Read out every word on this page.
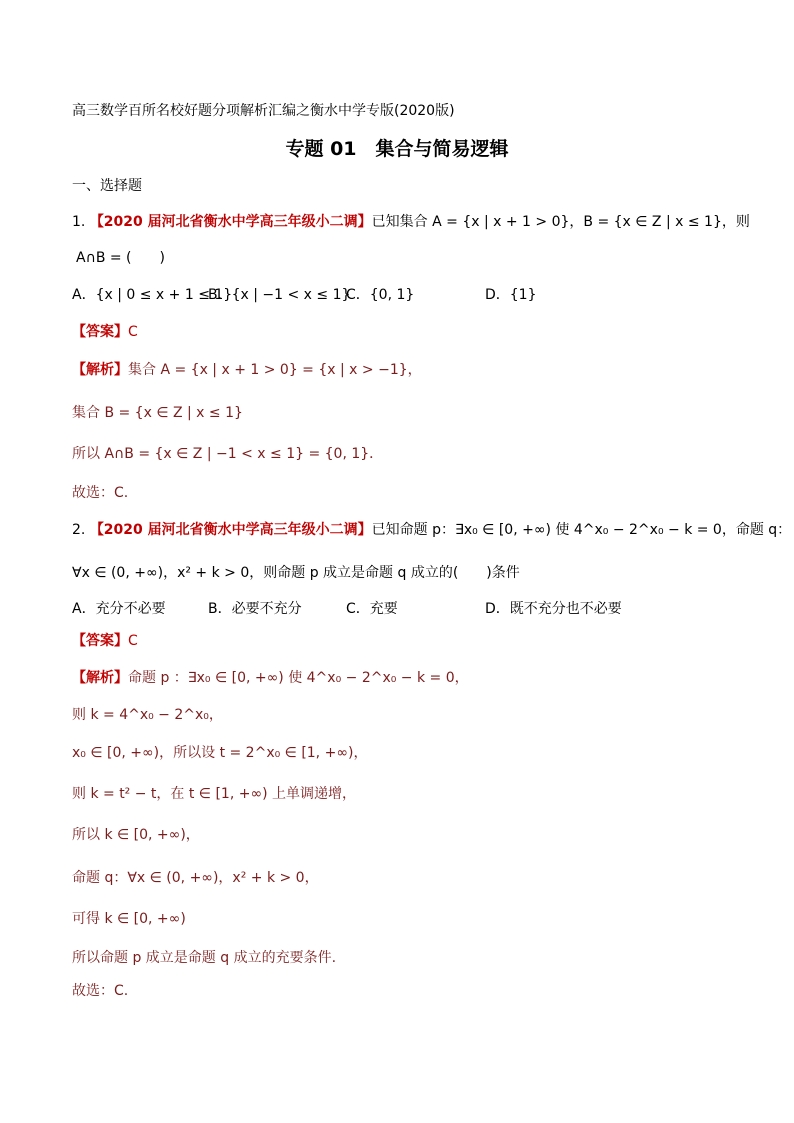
高三数学百所名校好题分项解析汇编之衡水中学专版(2020版)
专题 01　集合与简易逻辑
一、选择题
1. 【2020 届河北省衡水中学高三年级小二调】已知集合 A = {x | x + 1 > 0}，B = {x ∈ Z | x ≤ 1}，则
A∩B = (　　)
A．{x | 0 ≤ x + 1 ≤ 1}
B．{x | −1 < x ≤ 1}
C．{0, 1}	D．{1}
【答案】C
【解析】集合 A = {x | x + 1 > 0} = {x | x > −1}，
集合 B = {x ∈ Z | x ≤ 1}
所以 A∩B = {x ∈ Z | −1 < x ≤ 1} = {0, 1}．
故选：C.
2. 【2020 届河北省衡水中学高三年级小二调】已知命题 p：∃x₀ ∈ [0, +∞) 使 4^x₀ − 2^x₀ − k = 0，命题 q：
∀x ∈ (0, +∞)，x² + k > 0，则命题 p 成立是命题 q 成立的(　　)条件
A．充分不必要	B．必要不充分	C．充要	D．既不充分也不必要
【答案】C
【解析】命题 p ：∃x₀ ∈ [0, +∞) 使 4^x₀ − 2^x₀ − k = 0，
则 k = 4^x₀ − 2^x₀，
x₀ ∈ [0, +∞)，所以设 t = 2^x₀ ∈ [1, +∞)，
则 k = t² − t，在 t ∈ [1, +∞) 上单调递增，
所以 k ∈ [0, +∞)，
命题 q：∀x ∈ (0, +∞)，x² + k > 0，
可得 k ∈ [0, +∞)
所以命题 p 成立是命题 q 成立的充要条件.
故选：C.
